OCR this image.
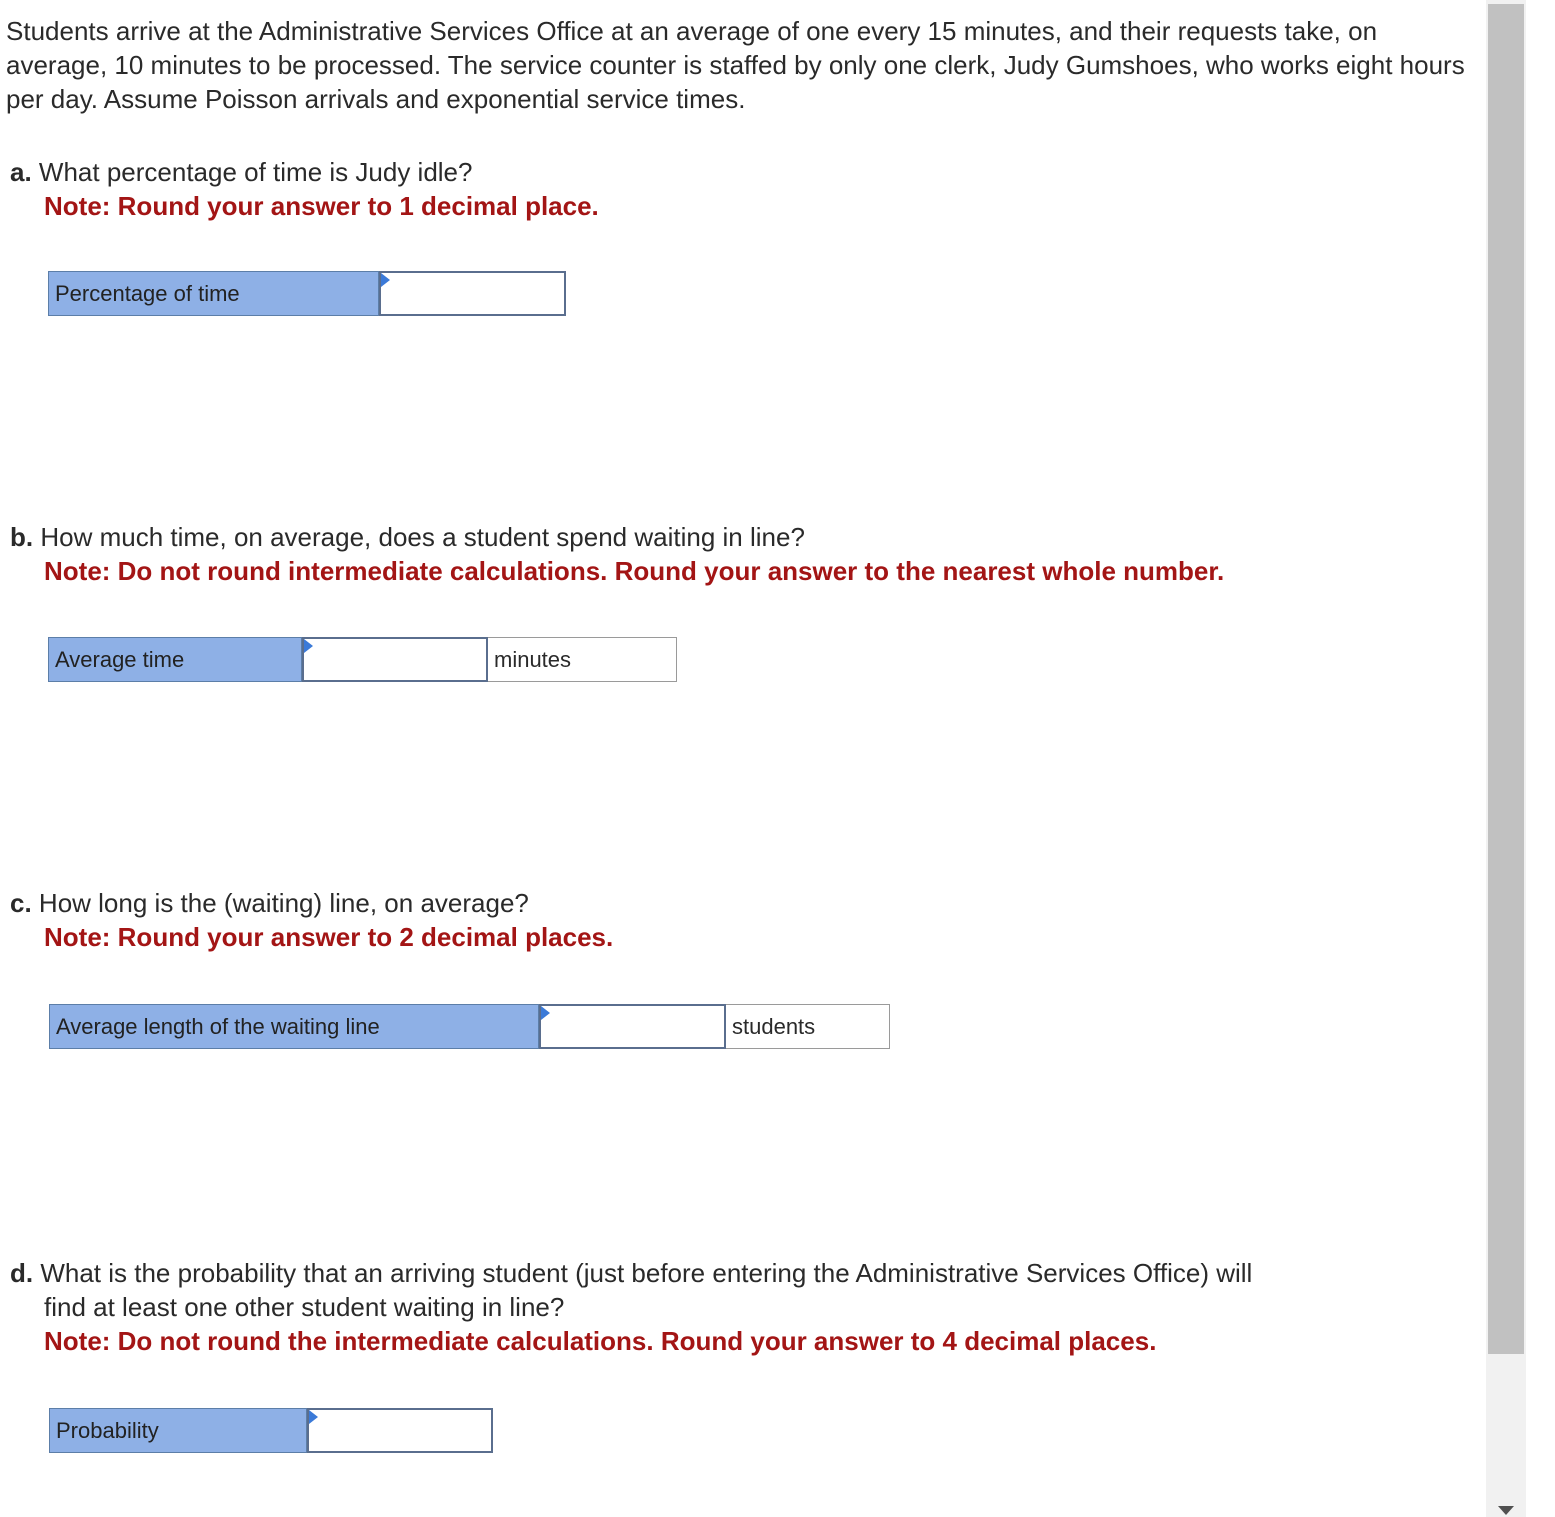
Students arrive at the Administrative Services Office at an average of one every 15 minutes, and their requests take, on average, 10 minutes to be processed. The service counter is staffed by only one clerk, Judy Gumshoes, who works eight hours per day. Assume Poisson arrivals and exponential service times.

a. What percentage of time is Judy idle?
Note: Round your answer to 1 decimal place.
Percentage of time
b. How much time, on average, does a student spend waiting in line?
Note: Do not round intermediate calculations. Round your answer to the nearest whole number.
Average time	minutes
c. How long is the (waiting) line, on average?
Note: Round your answer to 2 decimal places.
Average length of the waiting line	students
d. What is the probability that an arriving student (just before entering the Administrative Services Office) will
find at least one other student waiting in line?
Note: Do not round the intermediate calculations. Round your answer to 4 decimal places.
Probability
